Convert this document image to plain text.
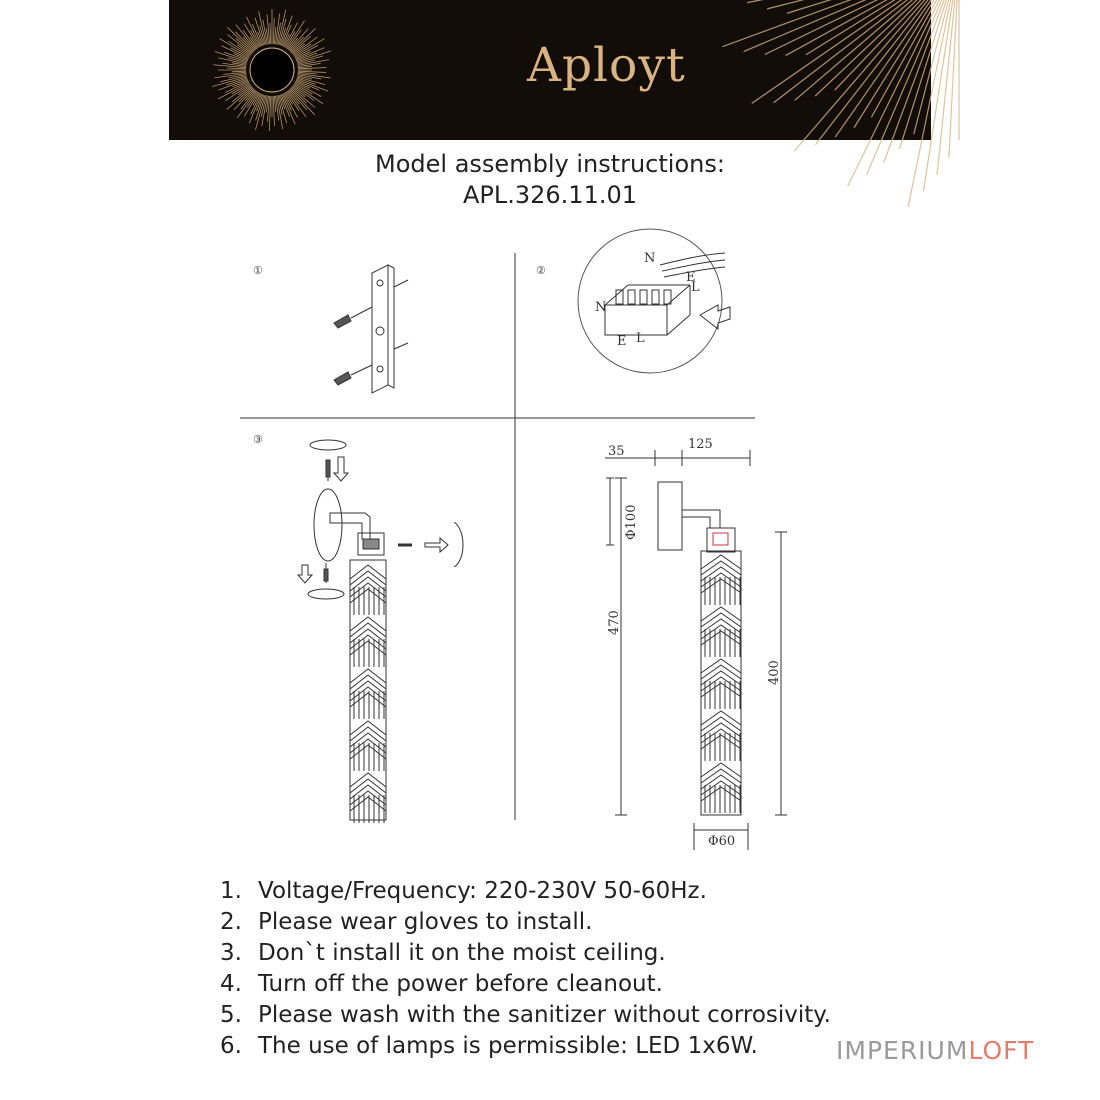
Aployt
Model assembly instructions:
APL.326.11.01
①	②
③
N
E
L
N
E L
35	125
Φ100
470
400
Φ60
1. Voltage/Frequency: 220-230V 50-60Hz.
2. Please wear gloves to install.
3. Don`t install it on the moist ceiling.
4. Turn off the power before cleanout.
5. Please wash with the sanitizer without corrosivity.
6. The use of lamps is permissible: LED 1x6W.	IMPERIUMLOFT
